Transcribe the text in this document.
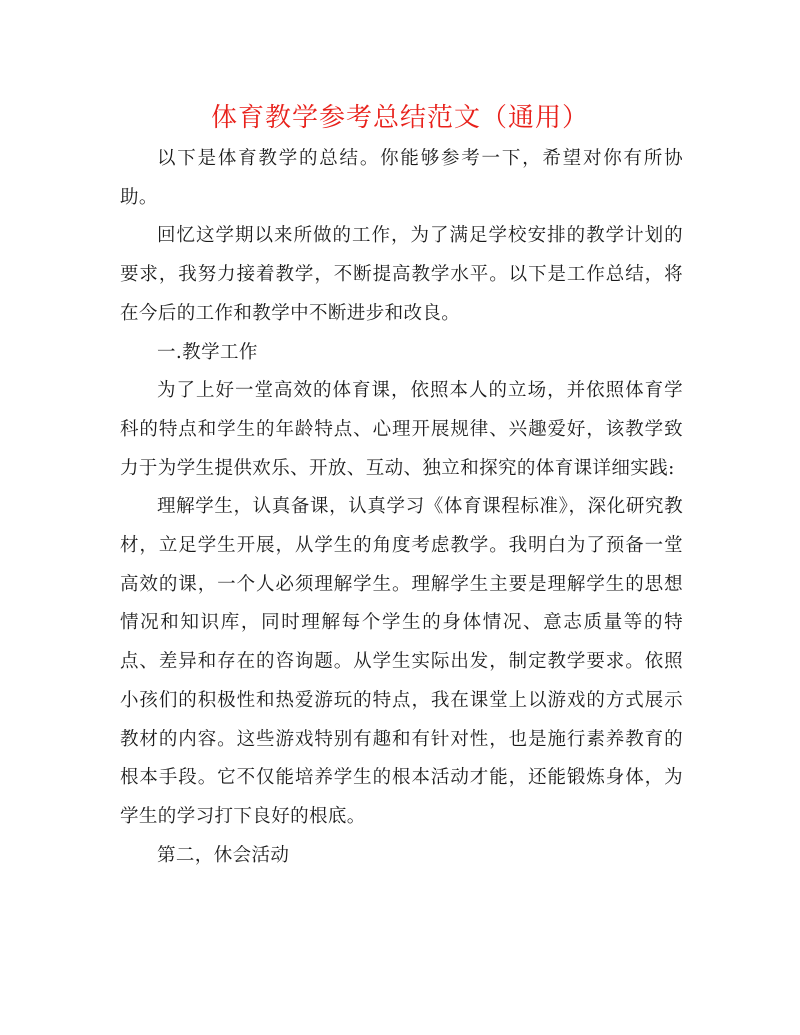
体育教学参考总结范文（通用）

以下是体育教学的总结。你能够参考一下，希望对你有所协助。

回忆这学期以来所做的工作，为了满足学校安排的教学计划的要求，我努力接着教学，不断提高教学水平。以下是工作总结，将在今后的工作和教学中不断进步和改良。

一.教学工作

为了上好一堂高效的体育课，依照本人的立场，并依照体育学科的特点和学生的年龄特点、心理开展规律、兴趣爱好，该教学致力于为学生提供欢乐、开放、互动、独立和探究的体育课详细实践:

理解学生，认真备课，认真学习《体育课程标准》，深化研究教材，立足学生开展，从学生的角度考虑教学。我明白为了预备一堂高效的课，一个人必须理解学生。理解学生主要是理解学生的思想情况和知识库，同时理解每个学生的身体情况、意志质量等的特点、差异和存在的咨询题。从学生实际出发，制定教学要求。依照小孩们的积极性和热爱游玩的特点，我在课堂上以游戏的方式展示教材的内容。这些游戏特别有趣和有针对性，也是施行素养教育的根本手段。它不仅能培养学生的根本活动才能，还能锻炼身体，为学生的学习打下良好的根底。

第二，休会活动
